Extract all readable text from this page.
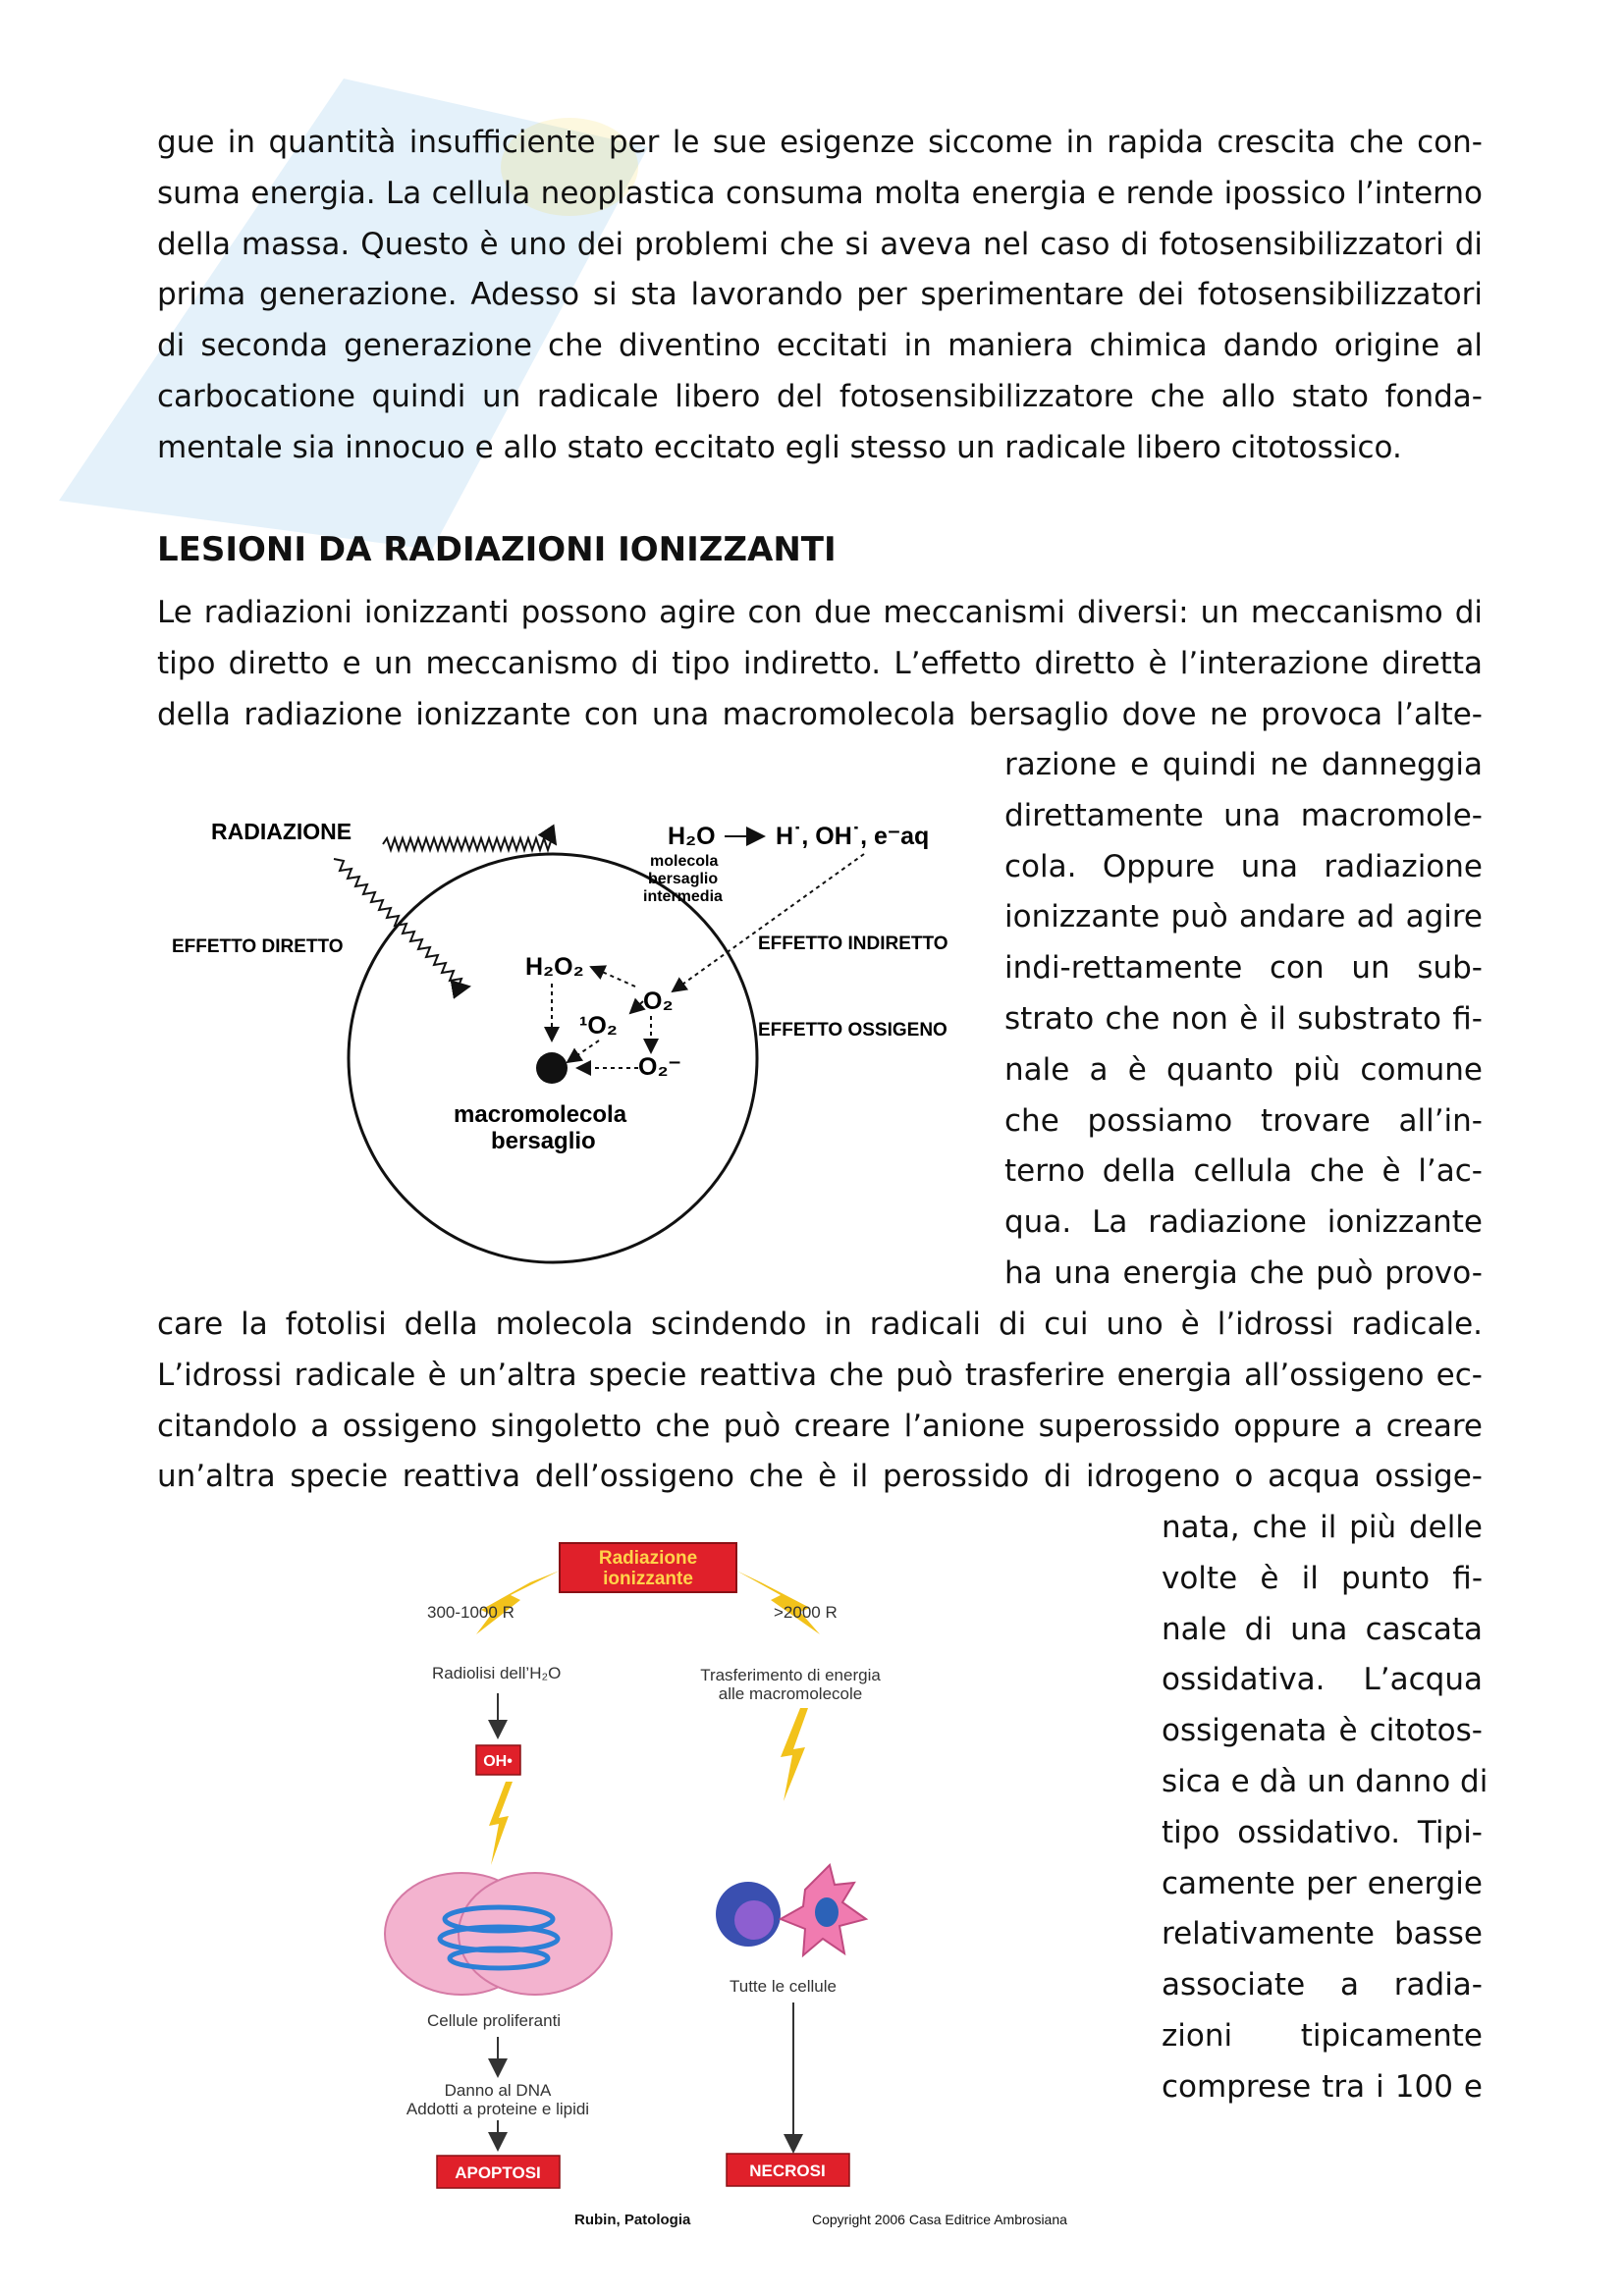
gue in quantità insufficiente per le sue esigenze siccome in rapida crescita che con-
suma energia. La cellula neoplastica consuma molta energia e rende ipossico l’interno
della massa. Questo è uno dei problemi che si aveva nel caso di fotosensibilizzatori di
prima generazione. Adesso si sta lavorando per sperimentare dei fotosensibilizzatori
di seconda generazione che diventino eccitati in maniera chimica dando origine al
carbocatione quindi un radicale libero del fotosensibilizzatore che allo stato fonda-
mentale sia innocuo e allo stato eccitato egli stesso un radicale libero citotossico.
LESIONI DA RADIAZIONI IONIZZANTI
Le radiazioni ionizzanti possono agire con due meccanismi diversi: un meccanismo di
tipo diretto e un meccanismo di tipo indiretto. L’effetto diretto è l’interazione diretta
della radiazione ionizzante con una macromolecola bersaglio dove ne provoca l’alte-
razione e quindi ne danneggia
direttamente una macromole-
cola. Oppure una radiazione
ionizzante può andare ad agire
indi-rettamente con un sub-
strato che non è il substrato fi-
nale a è quanto più comune
che possiamo trovare all’in-
terno della cellula che è l’ac-
qua. La radiazione ionizzante
ha una energia che può provo-
care la fotolisi della molecola scindendo in radicali di cui uno è l’idrossi radicale.
L’idrossi radicale è un’altra specie reattiva che può trasferire energia all’ossigeno ec-
citandolo a ossigeno singoletto che può creare l’anione superossido oppure a creare
un’altra specie reattiva dell’ossigeno che è il perossido di idrogeno o acqua ossige-
nata, che il più delle
volte è il punto fi-
nale di una cascata
ossidativa. L’acqua
ossigenata è citotos-
sica e dà un danno di
tipo ossidativo. Tipi-
camente per energie
relativamente basse
associate a radia-
zioni tipicamente
comprese tra i 100 e
RADIAZIONE	H₂O H˙, OH˙, e⁻aq
molecola
bersaglio
intermedia
EFFETTO DIRETTO	EFFETTO INDIRETTO
EFFETTO OSSIGENO
H₂O₂
O₂
¹O₂
O₂⁻
macromolecola
bersaglio
Radiazione
ionizzante
300-1000 R	>2000 R
Radiolisi dell’H₂O	Trasferimento di energia
alle macromolecole
OH•
Tutte le cellule
Cellule proliferanti
Danno al DNA
Addotti a proteine e lipidi
APOPTOSI	NECROSI
Rubin, Patologia	Copyright 2006 Casa Editrice Ambrosiana
